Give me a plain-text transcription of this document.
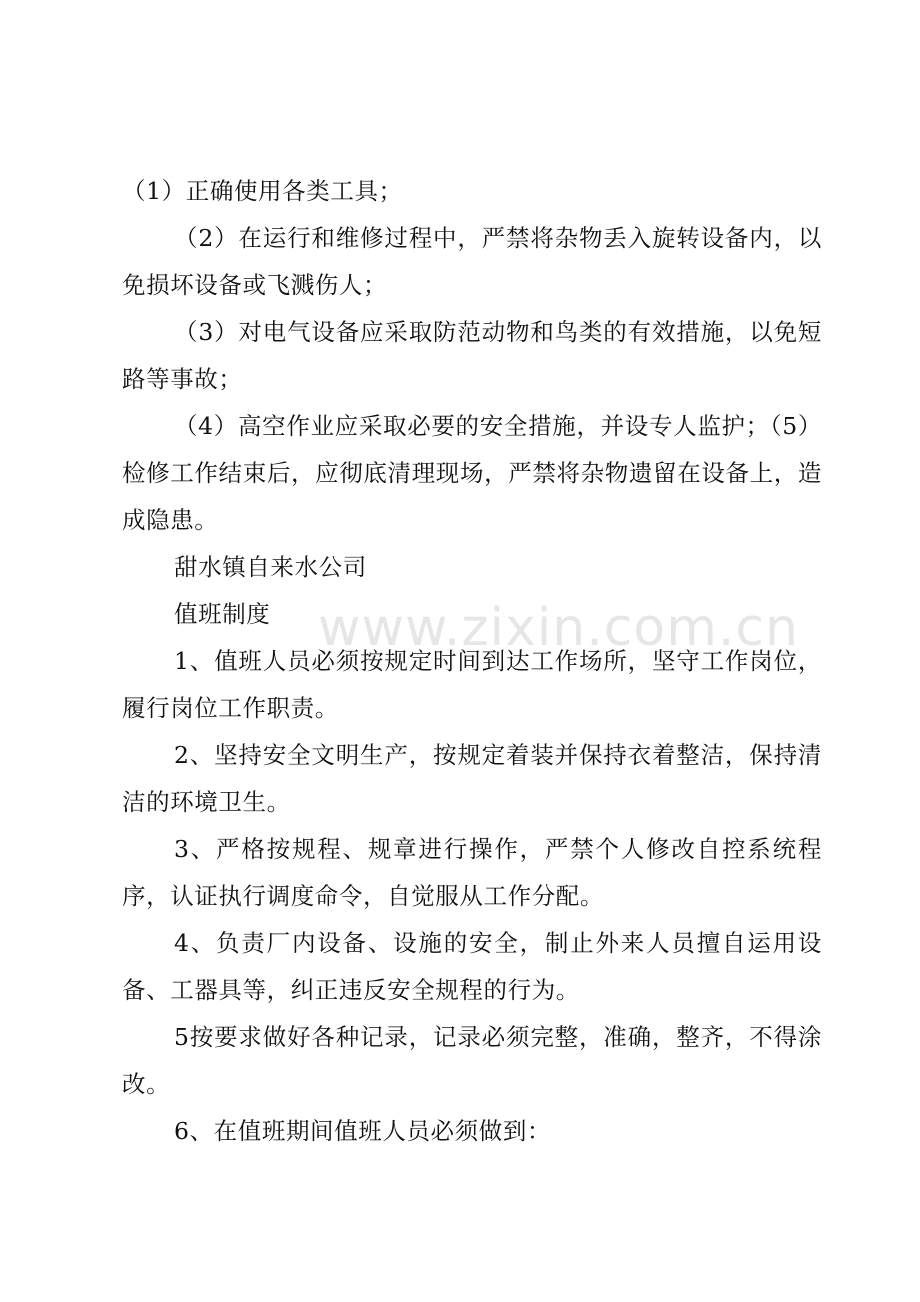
（1）正确使用各类工具；

（2）在运行和维修过程中，严禁将杂物丢入旋转设备内，以免损坏设备或飞溅伤人；

（3）对电气设备应采取防范动物和鸟类的有效措施，以免短路等事故；

（4）高空作业应采取必要的安全措施，并设专人监护；（5）检修工作结束后，应彻底清理现场，严禁将杂物遗留在设备上，造成隐患。

甜水镇自来水公司

值班制度

1、值班人员必须按规定时间到达工作场所，坚守工作岗位，履行岗位工作职责。

2、坚持安全文明生产，按规定着装并保持衣着整洁，保持清洁的环境卫生。

3、严格按规程、规章进行操作，严禁个人修改自控系统程序，认证执行调度命令，自觉服从工作分配。

4、负责厂内设备、设施的安全，制止外来人员擅自运用设备、工器具等，纠正违反安全规程的行为。

5按要求做好各种记录，记录必须完整，准确，整齐，不得涂改。

6、在值班期间值班人员必须做到：

www.zixin.com.cn
